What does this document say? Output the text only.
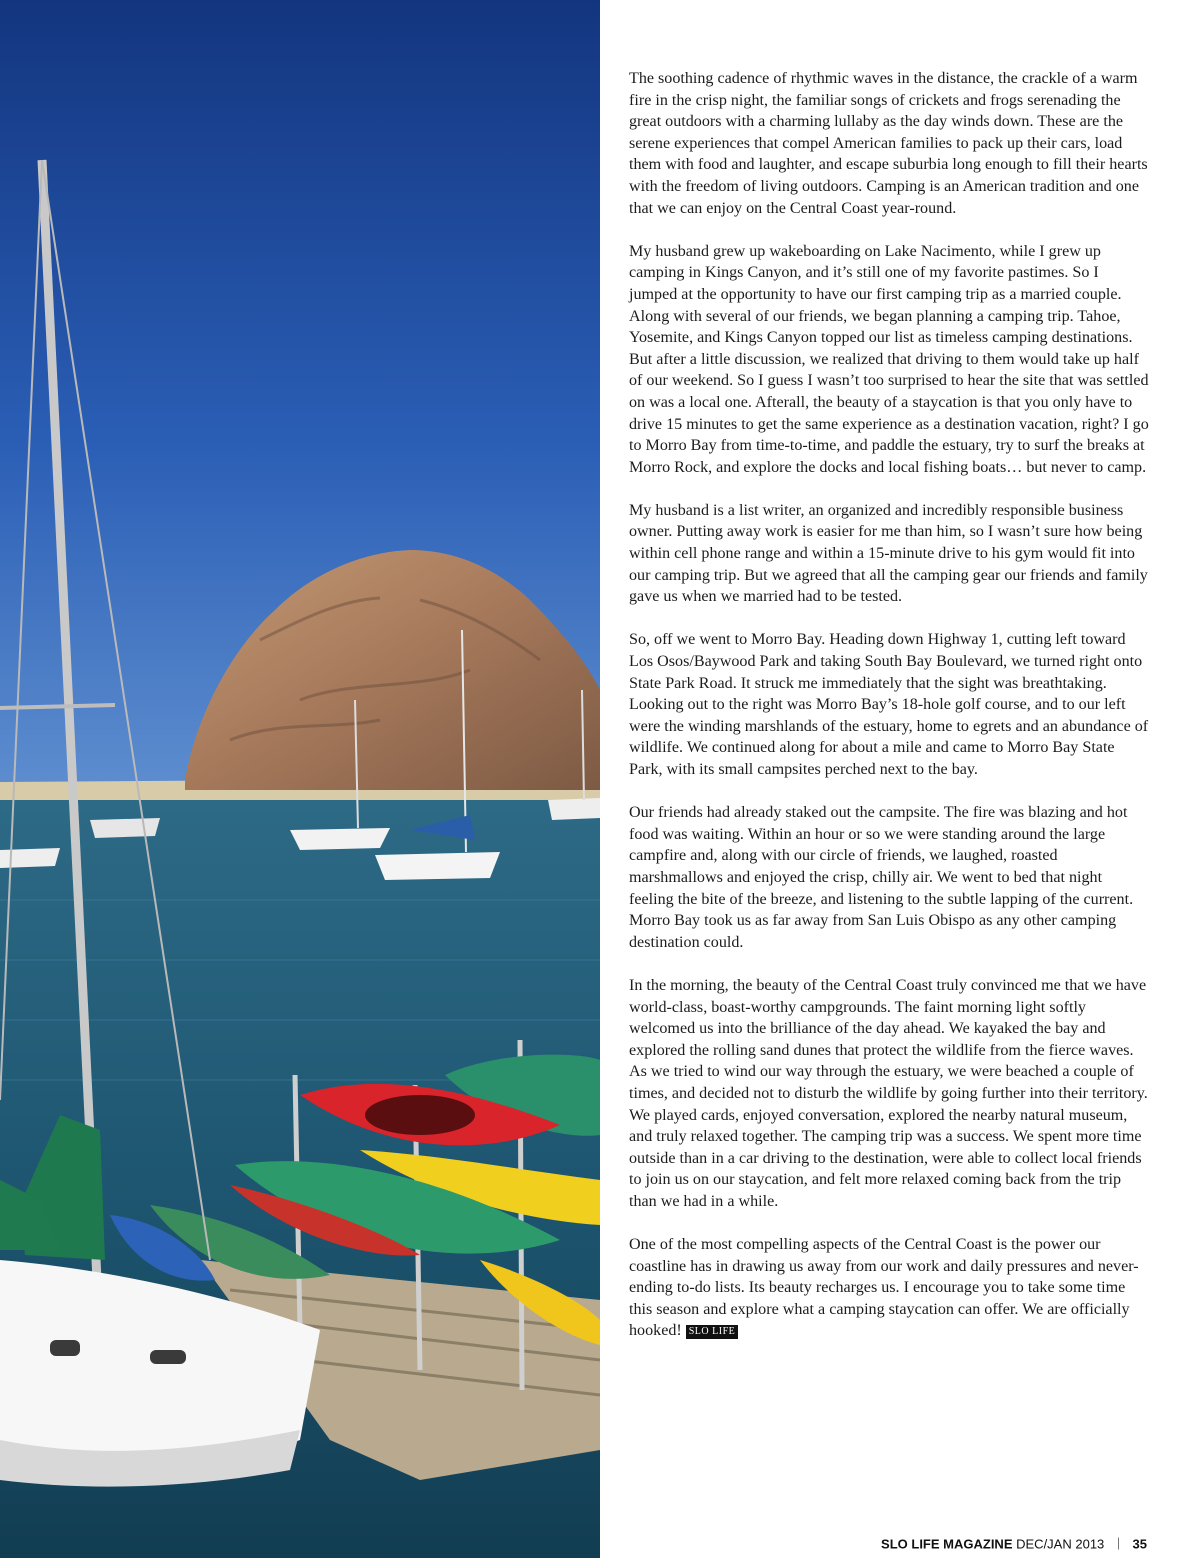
The soothing cadence of rhythmic waves in the distance, the crackle of a warm fire in the crisp night, the familiar songs of crickets and frogs serenading the great outdoors with a charming lullaby as the day winds down. These are the serene experiences that compel American families to pack up their cars, load them with food and laughter, and escape suburbia long enough to fill their hearts with the freedom of living outdoors. Camping is an American tradition and one that we can enjoy on the Central Coast year-round.

My husband grew up wakeboarding on Lake Nacimento, while I grew up camping in Kings Canyon, and it’s still one of my favorite pastimes. So I jumped at the opportunity to have our first camping trip as a married couple. Along with several of our friends, we began planning a camping trip. Tahoe, Yosemite, and Kings Canyon topped our list as timeless camping destinations. But after a little discussion, we realized that driving to them would take up half of our weekend. So I guess I wasn’t too surprised to hear the site that was settled on was a local one. Afterall, the beauty of a staycation is that you only have to drive 15 minutes to get the same experience as a destination vacation, right? I go to Morro Bay from time-to-time, and paddle the estuary, try to surf the breaks at Morro Rock, and explore the docks and local fishing boats… but never to camp.

My husband is a list writer, an organized and incredibly responsible business owner. Putting away work is easier for me than him, so I wasn’t sure how being within cell phone range and within a 15-minute drive to his gym would fit into our camping trip. But we agreed that all the camping gear our friends and family gave us when we married had to be tested.

So, off we went to Morro Bay. Heading down Highway 1, cutting left toward Los Osos/Baywood Park and taking South Bay Boulevard, we turned right onto State Park Road. It struck me immediately that the sight was breathtaking. Looking out to the right was Morro Bay’s 18-hole golf course, and to our left were the winding marshlands of the estuary, home to egrets and an abundance of wildlife. We continued along for about a mile and came to Morro Bay State Park, with its small campsites perched next to the bay.

Our friends had already staked out the campsite. The fire was blazing and hot food was waiting. Within an hour or so we were standing around the large campfire and, along with our circle of friends, we laughed, roasted marshmallows and enjoyed the crisp, chilly air. We went to bed that night feeling the bite of the breeze, and listening to the subtle lapping of the current. Morro Bay took us as far away from San Luis Obispo as any other camping destination could.

In the morning, the beauty of the Central Coast truly convinced me that we have world-class, boast-worthy campgrounds. The faint morning light softly welcomed us into the brilliance of the day ahead. We kayaked the bay and explored the rolling sand dunes that protect the wildlife from the fierce waves. As we tried to wind our way through the estuary, we were beached a couple of times, and decided not to disturb the wildlife by going further into their territory. We played cards, enjoyed conversation, explored the nearby natural museum, and truly relaxed together. The camping trip was a success. We spent more time outside than in a car driving to the destination, were able to collect local friends to join us on our staycation, and felt more relaxed coming back from the trip than we had in a while.

One of the most compelling aspects of the Central Coast is the power our coastline has in drawing us away from our work and daily pressures and never-ending to-do lists. Its beauty recharges us. I encourage you to take some time this season and explore what a camping staycation can offer. We are officially hooked! SLO LIFE

SLO LIFE MAGAZINE DEC/JAN 2013 35
